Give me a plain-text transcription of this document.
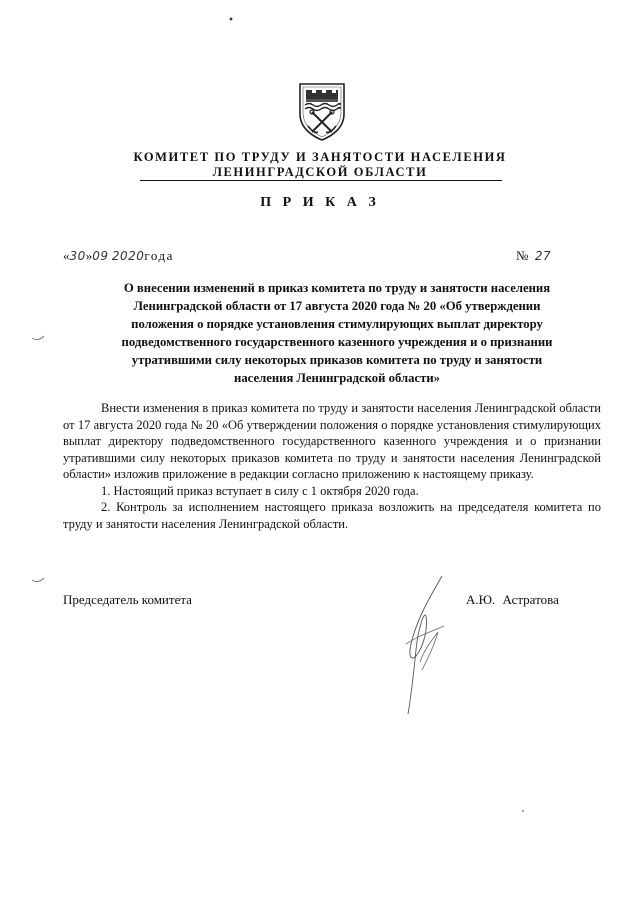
КОМИТЕТ ПО ТРУДУ И ЗАНЯТОСТИ НАСЕЛЕНИЯ
ЛЕНИНГРАДСКОЙ ОБЛАСТИ
П Р И К А З
«30»09 2020года	№ 27
О внесении изменений в приказ комитета по труду и занятости населения
Ленинградской области от 17 августа 2020 года № 20 «Об утверждении
положения о порядке установления стимулирующих выплат директору
подведомственного государственного казенного учреждения и о признании
утратившими силу некоторых приказов комитета по труду и занятости
населения Ленинградской области»

Внести изменения в приказ комитета по труду и занятости населения Ленинградской области от 17 августа 2020 года № 20 «Об утверждении положения о порядке установления стимулирующих выплат директору подведомственного государственного казенного учреждения и о признании утратившими силу некоторых приказов комитета по труду и занятости населения Ленинградской области» изложив приложение в редакции согласно приложению к настоящему приказу.

1. Настоящий приказ вступает в силу с 1 октября 2020 года.

2. Контроль за исполнением настоящего приказа возложить на председателя комитета по труду и занятости населения Ленинградской области.

Председатель комитета	А.Ю. Астратова
